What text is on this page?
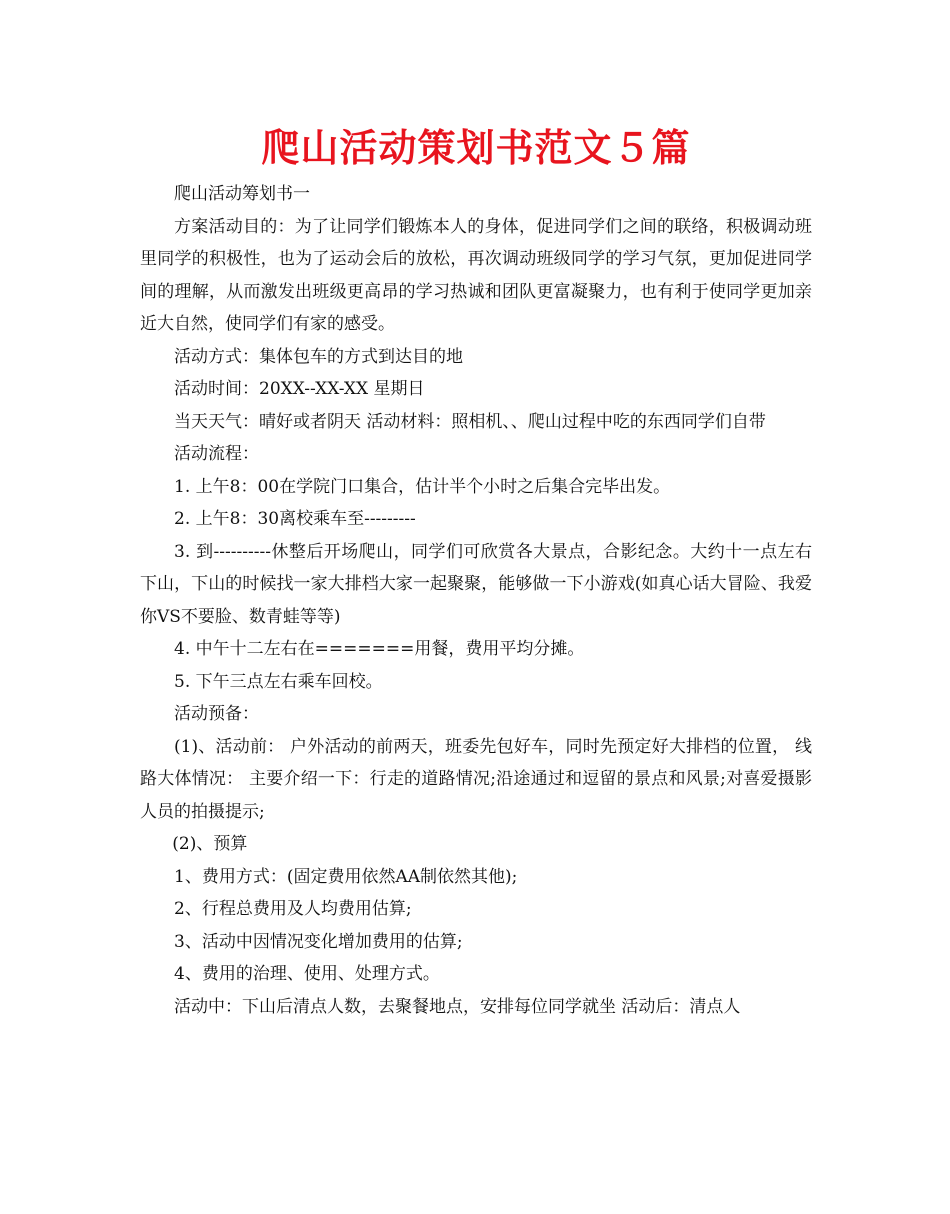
爬山活动策划书范文５篇

爬山活动筹划书一

方案活动目的：为了让同学们锻炼本人的身体，促进同学们之间的联络，积极调动班里同学的积极性，也为了运动会后的放松，再次调动班级同学的学习气氛，更加促进同学间的理解，从而激发出班级更高昂的学习热诚和团队更富凝聚力，也有利于使同学更加亲近大自然，使同学们有家的感受。

活动方式：集体包车的方式到达目的地

活动时间：20XX--XX-XX 星期日

当天天气：晴好或者阴天 活动材料：照相机、、爬山过程中吃的东西同学们自带

活动流程：

1. 上午8：00在学院门口集合，估计半个小时之后集合完毕出发。

2. 上午8：30离校乘车至---------

3. 到----------休整后开场爬山，同学们可欣赏各大景点，合影纪念。大约十一点左右下山，下山的时候找一家大排档大家一起聚聚，能够做一下小游戏(如真心话大冒险、我爱你VS不要脸、数青蛙等等)

4. 中午十二左右在=======用餐，费用平均分摊。

5. 下午三点左右乘车回校。

活动预备：

(1)、活动前： 户外活动的前两天，班委先包好车，同时先预定好大排档的位置， 线路大体情况： 主要介绍一下：行走的道路情况;沿途通过和逗留的景点和风景;对喜爱摄影人员的拍摄提示;

(2)、预算

1、费用方式：(固定费用依然AA制依然其他);

2、行程总费用及人均费用估算;

3、活动中因情况变化增加费用的估算;

4、费用的治理、使用、处理方式。

活动中：下山后清点人数，去聚餐地点，安排每位同学就坐 活动后：清点人
